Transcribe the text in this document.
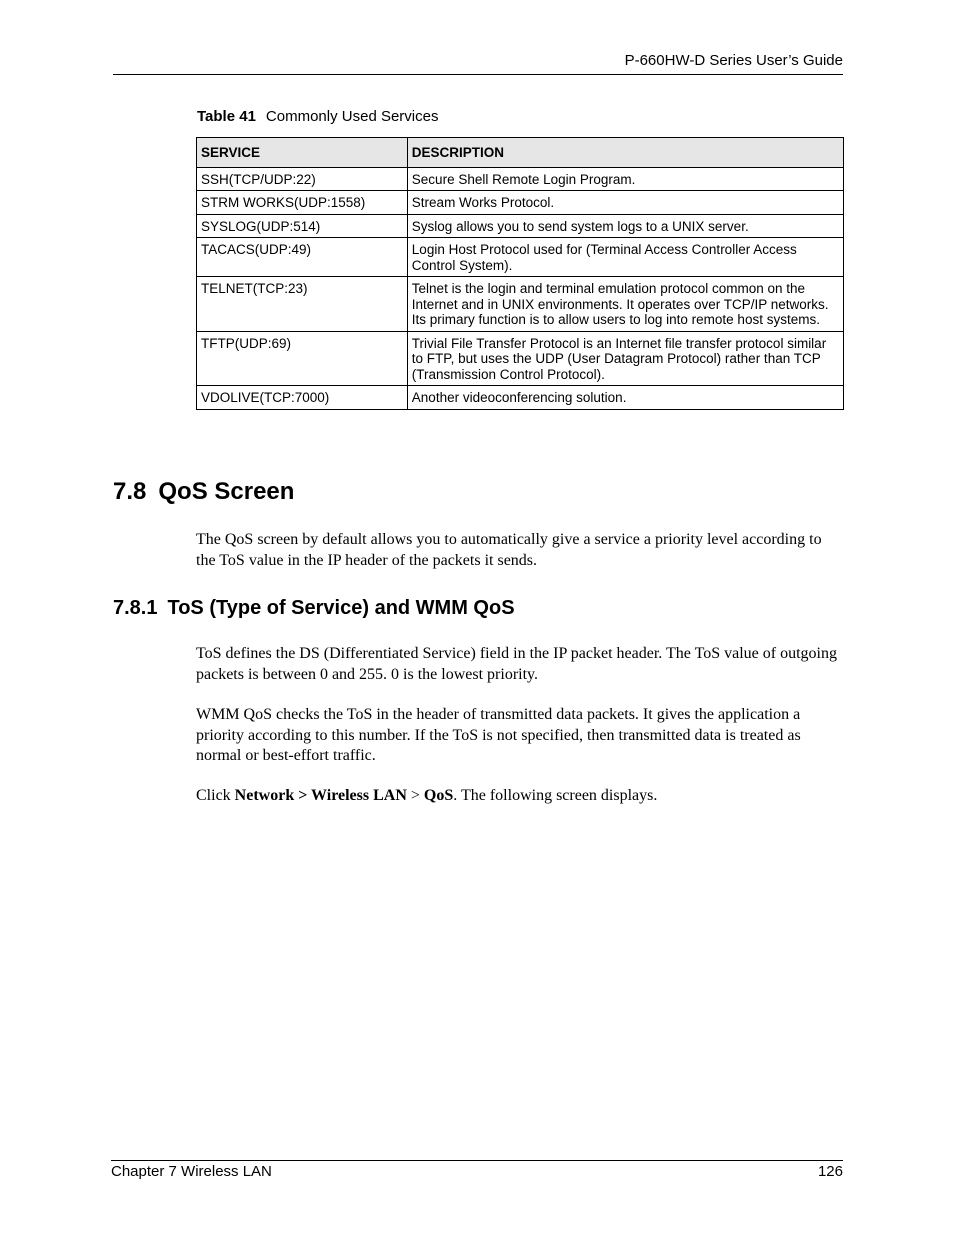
P-660HW-D Series User’s Guide
Table 41 Commonly Used Services
SERVICE	DESCRIPTION
SSH(TCP/UDP:22)	Secure Shell Remote Login Program.
STRM WORKS(UDP:1558)	Stream Works Protocol.
SYSLOG(UDP:514)	Syslog allows you to send system logs to a UNIX server.
TACACS(UDP:49)	Login Host Protocol used for (Terminal Access Controller Access Control System).
TELNET(TCP:23)	Telnet is the login and terminal emulation protocol common on the Internet and in UNIX environments. It operates over TCP/IP networks. Its primary function is to allow users to log into remote host systems.
TFTP(UDP:69)	Trivial File Transfer Protocol is an Internet file transfer protocol similar to FTP, but uses the UDP (User Datagram Protocol) rather than TCP (Transmission Control Protocol).
VDOLIVE(TCP:7000)	Another videoconferencing solution.
7.8 QoS Screen

The QoS screen by default allows you to automatically give a service a priority level according to the ToS value in the IP header of the packets it sends.

7.8.1 ToS (Type of Service) and WMM QoS

ToS defines the DS (Differentiated Service) field in the IP packet header. The ToS value of outgoing packets is between 0 and 255. 0 is the lowest priority.

WMM QoS checks the ToS in the header of transmitted data packets. It gives the application a priority according to this number. If the ToS is not specified, then transmitted data is treated as normal or best-effort traffic.

Click Network > Wireless LAN > QoS. The following screen displays.

Chapter 7 Wireless LAN	126
